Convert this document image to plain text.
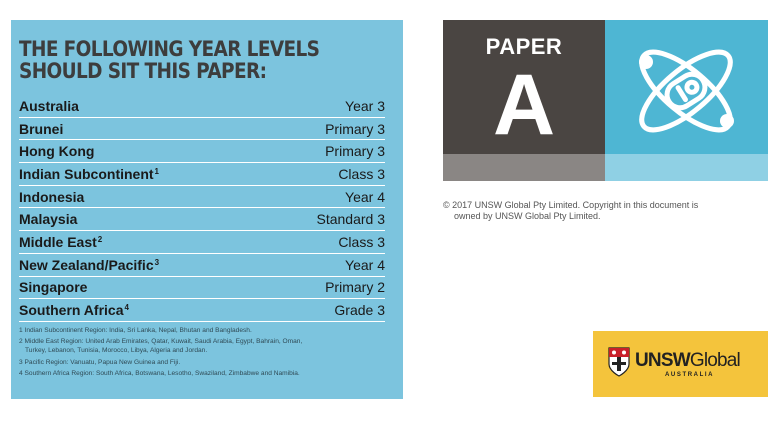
THE FOLLOWING YEAR LEVELS
SHOULD SIT THIS PAPER:
Australia	Year 3
Brunei	Primary 3
Hong Kong	Primary 3
Indian Subcontinent$^1$	Class 3
Indonesia	Year 4
Malaysia	Standard 3
Middle East$^2$	Class 3
New Zealand/Pacific$^3$	Year 4
Singapore	Primary 2
Southern Africa$^4$	Grade 3

1 Indian Subcontinent Region: India, Sri Lanka, Nepal, Bhutan and Bangladesh.

2 Middle East Region: United Arab Emirates, Qatar, Kuwait, Saudi Arabia, Egypt, Bahrain, Oman,
Turkey, Lebanon, Tunisia, Morocco, Libya, Algeria and Jordan.

3 Pacific Region: Vanuatu, Papua New Guinea and Fiji.

4 Southern Africa Region: South Africa, Botswana, Lesotho, Swaziland, Zimbabwe and Namibia.

PAPER
A
© 2017 UNSW Global Pty Limited. Copyright in this document is
owned by UNSW Global Pty Limited.
UNSWGlobal
AUSTRALIA
